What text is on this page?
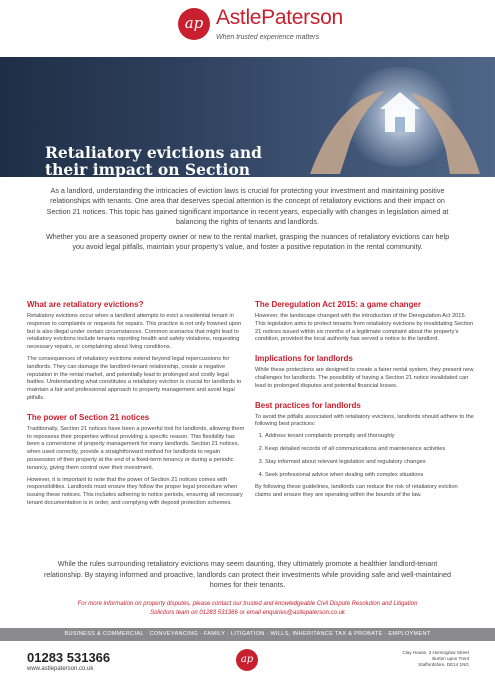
ap AstlePaterson
When trusted experience matters
Retaliatory evictions and their impact on Section

As a landlord, understanding the intricacies of eviction laws is crucial for protecting your investment and maintaining positive relationships with tenants. One area that deserves special attention is the concept of retaliatory evictions and their impact on Section 21 notices. This topic has gained significant importance in recent years, especially with changes in legislation aimed at balancing the rights of tenants and landlords.

Whether you are a seasoned property owner or new to the rental market, grasping the nuances of retaliatory evictions can help you avoid legal pitfalls, maintain your property’s value, and foster a positive reputation in the rental community.

What are retaliatory evictions?

Retaliatory evictions occur when a landlord attempts to evict a residential tenant in response to complaints or requests for repairs. This practice is not only frowned upon but is also illegal under certain circumstances. Common scenarios that might lead to retaliatory evictions include tenants reporting health and safety violations, requesting necessary repairs, or complaining about living conditions.

The consequences of retaliatory evictions extend beyond legal repercussions for landlords. They can damage the landlord-tenant relationship, create a negative reputation in the rental market, and potentially lead to prolonged and costly legal battles. Understanding what constitutes a retaliatory eviction is crucial for landlords to maintain a fair and professional approach to property management and avoid legal pitfalls.

The power of Section 21 notices

Traditionally, Section 21 notices have been a powerful tool for landlords, allowing them to repossess their properties without providing a specific reason. This flexibility has been a cornerstone of property management for many landlords. Section 21 notices, when used correctly, provide a straightforward method for landlords to regain possession of their property at the end of a fixed-term tenancy or during a periodic tenancy, giving them control over their investment.

However, it is important to note that the power of Section 21 notices comes with responsibilities. Landlords must ensure they follow the proper legal procedure when issuing these notices. This includes adhering to notice periods, ensuring all necessary tenant documentation is in order, and complying with deposit protection schemes.

The Deregulation Act 2015: a game changer

However, the landscape changed with the introduction of the Deregulation Act 2015. This legislation aims to protect tenants from retaliatory evictions by invalidating Section 21 notices issued within six months of a legitimate complaint about the property’s condition, provided the local authority has served a notice to the landlord.

Implications for landlords

While these protections are designed to create a fairer rental system, they present new challenges for landlords. The possibility of having a Section 21 notice invalidated can lead to prolonged disputes and potential financial losses.

Best practices for landlords

To avoid the pitfalls associated with retaliatory evictions, landlords should adhere to the following best practices:

1. Address tenant complaints promptly and thoroughly
2. Keep detailed records of all communications and maintenance activities
3. Stay informed about relevant legislation and regulatory changes
4. Seek professional advice when dealing with complex situations

By following these guidelines, landlords can reduce the risk of retaliatory eviction claims and ensure they are operating within the bounds of the law.

While the rules surrounding retaliatory evictions may seem daunting, they ultimately promote a healthier landlord-tenant relationship. By staying informed and proactive, landlords can protect their investments while providing safe and well-maintained homes for their tenants.
For more information on property disputes, please contact our trusted and knowledgeable Civil Dispute Resolution and Litigation Solicitors team on 01283 531366 or email enquiries@astlepaterson.co.uk
BUSINESS & COMMERCIAL · CONVEYANCING · FAMILY · LITIGATION · WILLS, INHERITANCE TAX & PROBATE · EMPLOYMENT
01283 531366
www.astlepaterson.co.uk
ap
Clay House, 3 Horninglow Street
Burton upon Trent
Staffordshire, DE14 1NG
